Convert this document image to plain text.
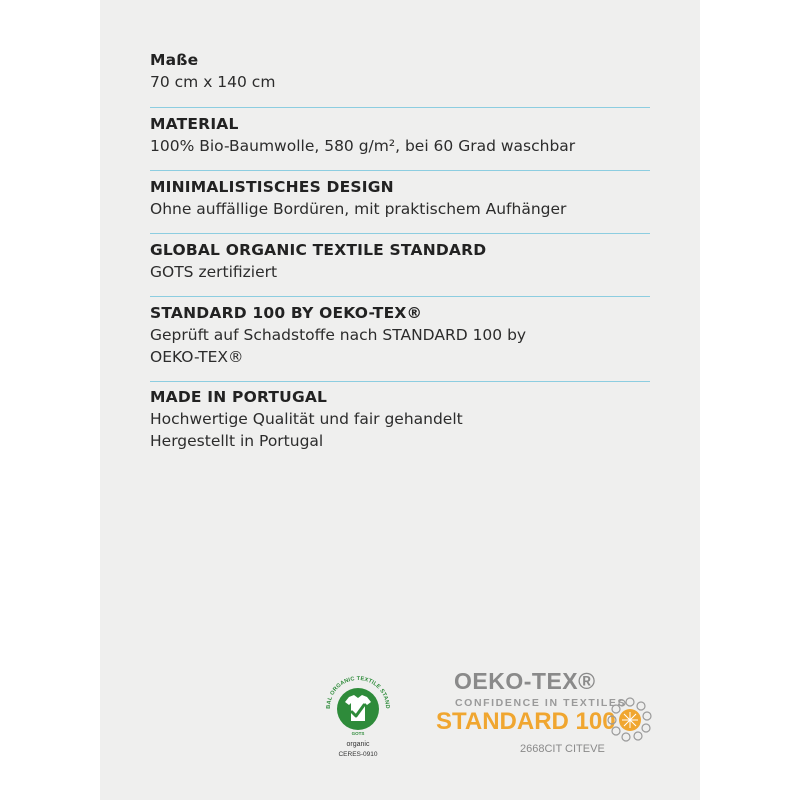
Maße
70 cm x 140 cm
MATERIAL
100% Bio-Baumwolle, 580 g/m², bei 60 Grad waschbar
MINIMALISTISCHES DESIGN
Ohne auffällige Bordüren, mit praktischem Aufhänger
GLOBAL ORGANIC TEXTILE STANDARD
GOTS zertifiziert
STANDARD 100 BY OEKO-TEX®
Geprüft auf Schadstoffe nach STANDARD 100 by
OEKO-TEX®
MADE IN PORTUGAL
Hochwertige Qualität und fair gehandelt
Hergestellt in Portugal
BAL ORGANIC TEXTILE STAND
GOTS
organic
CERES-0910
OEKO-TEX®
CONFIDENCE IN TEXTILES
STANDARD 100
2668CIT CITEVE
